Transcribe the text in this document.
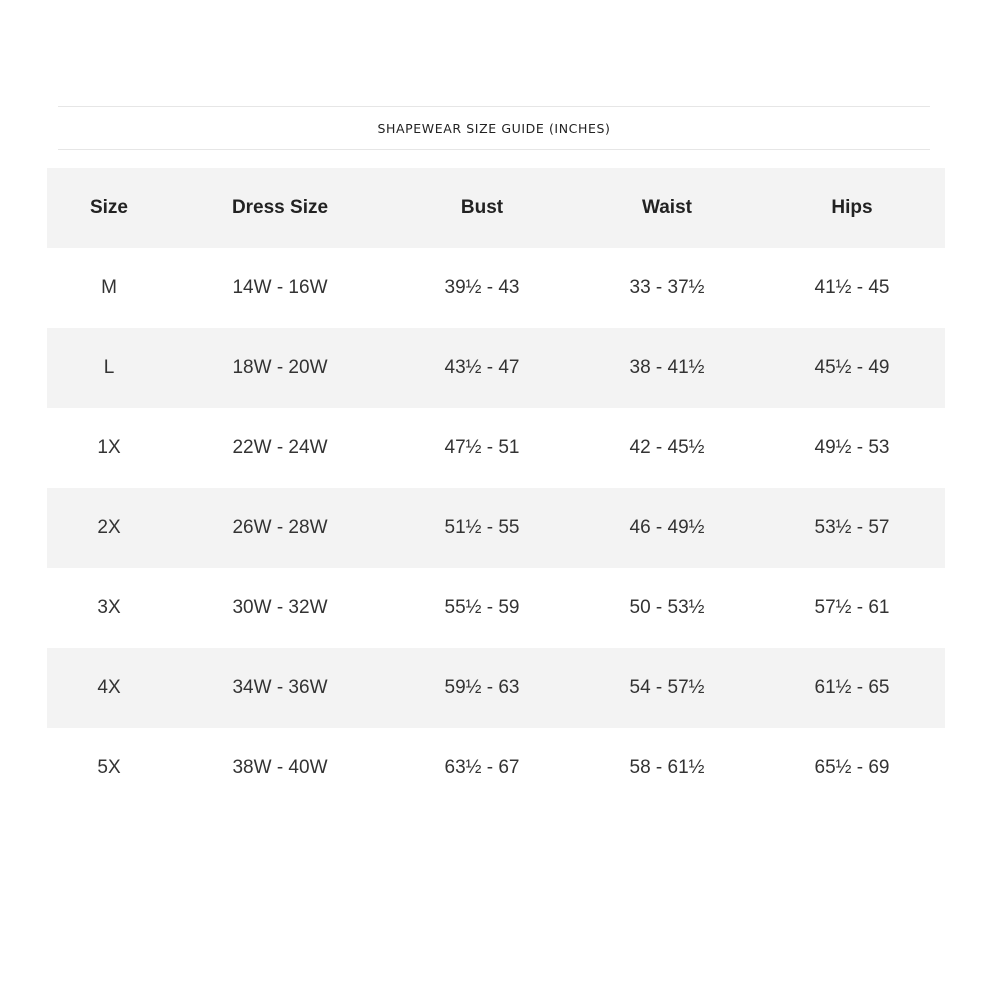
SHAPEWEAR SIZE GUIDE (INCHES)
Size	Dress Size	Bust	Waist	Hips
M	14W - 16W	39½ - 43	33 - 37½	41½ - 45
L	18W - 20W	43½ - 47	38 - 41½	45½ - 49
1X	22W - 24W	47½ - 51	42 - 45½	49½ - 53
2X	26W - 28W	51½ - 55	46 - 49½	53½ - 57
3X	30W - 32W	55½ - 59	50 - 53½	57½ - 61
4X	34W - 36W	59½ - 63	54 - 57½	61½ - 65
5X	38W - 40W	63½ - 67	58 - 61½	65½ - 69
